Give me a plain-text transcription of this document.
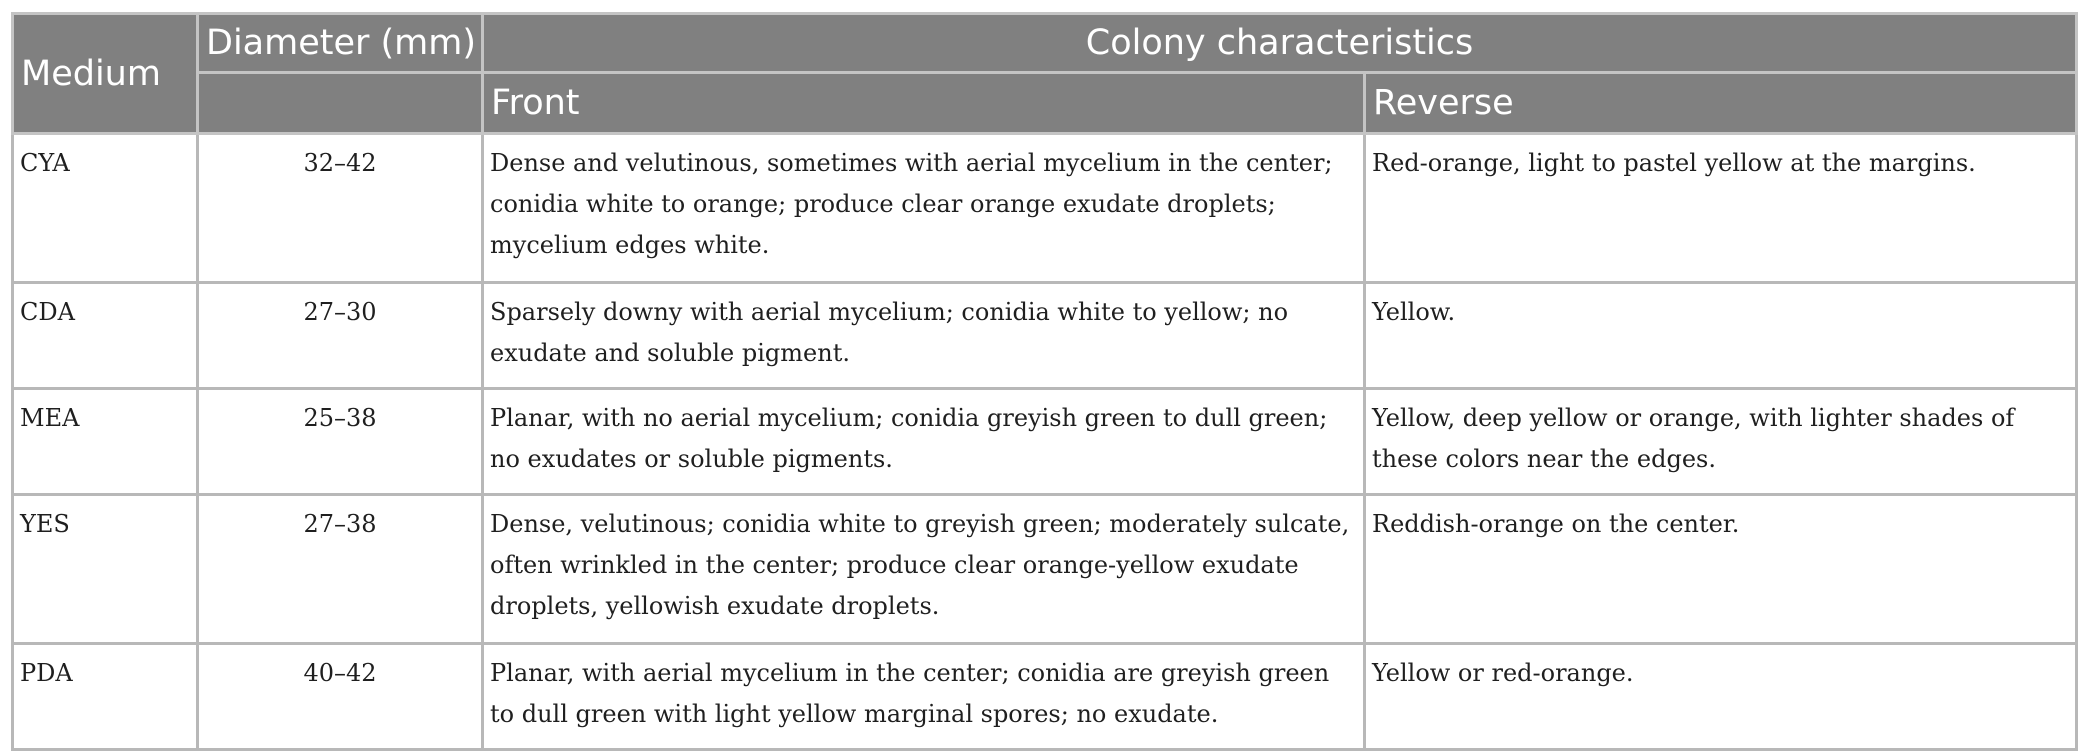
Medium	Diameter (mm)	Colony characteristics	
		Front	Reverse
CYA	32–42	Dense and velutinous, sometimes with aerial mycelium in the center; conidia white to orange; produce clear orange exudate droplets; mycelium edges white.	Red-orange, light to pastel yellow at the margins.
CDA	27–30	Sparsely downy with aerial mycelium; conidia white to yellow; no exudate and soluble pigment.	Yellow.
MEA	25–38	Planar, with no aerial mycelium; conidia greyish green to dull green; no exudates or soluble pigments.	Yellow, deep yellow or orange, with lighter shades of these colors near the edges.
YES	27–38	Dense, velutinous; conidia white to greyish green; moderately sulcate, often wrinkled in the center; produce clear orange-yellow exudate droplets, yellowish exudate droplets.	Reddish-orange on the center.
PDA	40–42	Planar, with aerial mycelium in the center; conidia are greyish green to dull green with light yellow marginal spores; no exudate.	Yellow or red-orange.
